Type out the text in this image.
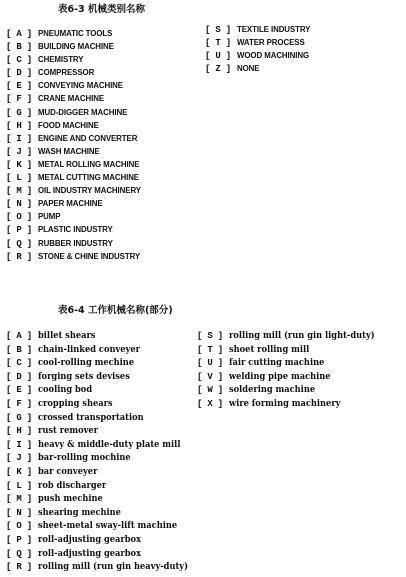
表6-3 机械类别名称
[ A ] PNEUMATIC TOOLS
[ B ] BUILDING MACHINE
[ C ] CHEMISTRY
[ D ] COMPRESSOR
[ E ] CONVEYING MACHINE
[ F ] CRANE MACHINE
[ G ] MUD-DIGGER MACHINE
[ H ] FOOD MACHINE
[ I ] ENGINE AND CONVERTER
[ J ] WASH MACHINE
[ K ] METAL ROLLING MACHINE
[ L ] METAL CUTTING MACHINE
[ M ] OIL INDUSTRY MACHINERY
[ N ] PAPER MACHINE
[ O ] PUMP
[ P ] PLASTIC INDUSTRY
[ Q ] RUBBER INDUSTRY
[ R ] STONE & CHINE INDUSTRY
[ S ] TEXTILE INDUSTRY
[ T ] WATER PROCESS
[ U ] WOOD MACHINING
[ Z ] NONE
表6-4 工作机械名称(部分)
[ A ] billet shears
[ B ] chain-linked conveyer
[ C ] cool-rolling mechine
[ D ] forging sets devises
[ E ] cooling bod
[ F ] cropping shears
[ G ] crossed transportation
[ H ] rust remover
[ I ] heavy & middle-duty plate mill
[ J ] bar-rolling mochine
[ K ] bar conveyer
[ L ] rob discharger
[ M ] push mechine
[ N ] shearing mechine
[ O ] sheet-metal sway-lift machine
[ P ] roll-adjusting gearbox
[ Q ] roll-adjusting gearbox
[ R ] rolling mill (run gin heavy-duty)
[ S ] rolling mill (run gin light-duty)
[ T ] shoet rolling mill
[ U ] fair cutting machine
[ V ] welding pipe machine
[ W ] soldering machine
[ X ] wire forming machinery
